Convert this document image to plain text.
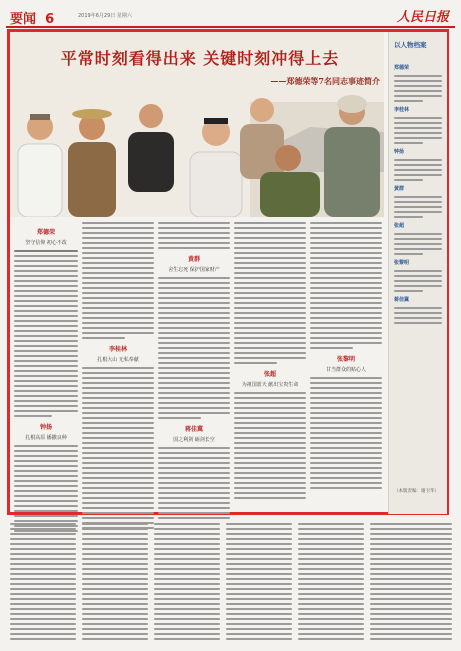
要闻 6	2019年6月29日 星期六	人民日报
平常时刻看得出来 关键时刻冲得上去
——郑德荣等7名同志事迹简介
以人物档案
郑德荣
李桂林
钟扬
黄群
张超
张黎明
蒋佳冀
郑德荣
坚守信仰 初心不改
钟扬
扎根高原 播撒良种
李桂林
扎根大山 无私奉献
黄群
舍生忘死 保护国家财产
蒋佳冀
国之利剑 砺剑长空
张超
为祖国蓝天 献出宝贵生命
张黎明
甘当群众的贴心人
（本版责编：谢卫华）
